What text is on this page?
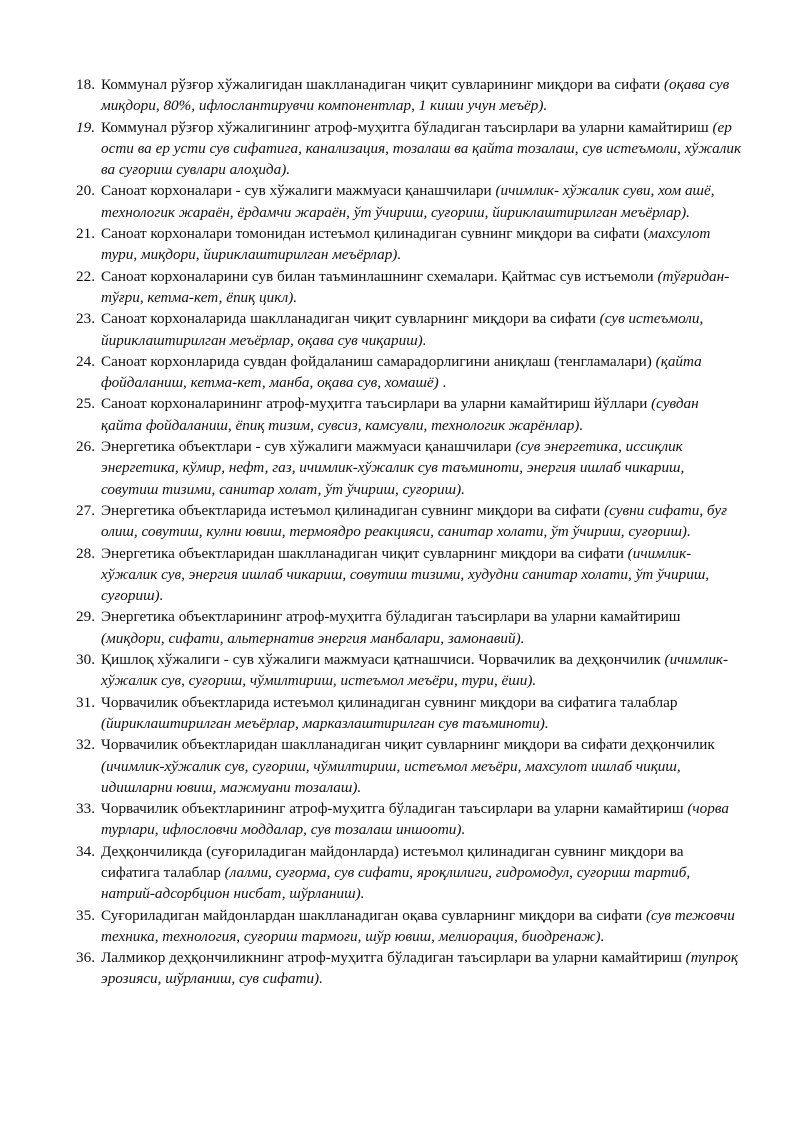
18. Коммунал рўзғор хўжалигидан шаклланадиган чиқит сувларининг миқдори ва сифати (оқава сув миқдори, 80%, ифлослантирувчи компонентлар, 1 киши учун меъёр).
19. Коммунал рўзғор хўжалигининг атроф-муҳитга бўладиган таъсирлари ва уларни камайтириш (ер ости ва ер усти сув сифатига, канализация, тозалаш ва қайта тозалаш, сув истеъмоли, хўжалик ва суғориш сувлари алоҳида).
20. Саноат корхоналари - сув хўжалиги мажмуаси қанашчилари (ичимлик- хўжалик суви, хом ашё, технологик жараён, ёрдамчи жараён, ўт ўчириш, суғориш, йириклаштирилган меъёрлар).
21. Саноат корхоналари томонидан истеъмол қилинадиган сувнинг миқдори ва сифати (махсулот тури, миқдори, йириклаштирилган меъёрлар).
22. Саноат корхоналарини сув билан таъминлашнинг схемалари. Қайтмас сув истъемоли (тўғридан-тўғри, кетма-кет, ёпиқ цикл).
23. Саноат корхоналарида шаклланадиган чиқит сувларнинг миқдори ва сифати (сув истеъмоли, йириклаштирилган меъёрлар, оқава сув чиқариш).
24. Саноат корхонларида сувдан фойдаланиш самарадорлигини аниқлаш (тенгламалари) (қайта фойдаланиш, кетма-кет, манба, оқава сув, хомашё) .
25. Саноат корхоналарининг атроф-муҳитга таъсирлари ва уларни камайтириш йўллари (сувдан қайта фойдаланиш, ёпиқ тизим, сувсиз, камсувли, технологик жарёнлар).
26. Энергетика объектлари - сув хўжалиги мажмуаси қанашчилари (сув энергетика, иссиқлик энергетика, кўмир, нефт, газ, ичимлик-хўжалик сув таъминоти, энергия ишлаб чикариш, совутиш тизими, санитар холат, ўт ўчириш, суғориш).
27. Энергетика объектларида истеъмол қилинадиган сувнинг миқдори ва сифати (сувни сифати, буғ олиш, совутиш, кулни ювиш, термоядро реакцияси, санитар холати, ўт ўчириш, суғориш).
28. Энергетика объектларидан шаклланадиган чиқит сувларнинг миқдори ва сифати (ичимлик-хўжалик сув, энергия ишлаб чикариш, совутиш тизими, худудни санитар холати, ўт ўчириш, суғориш).
29. Энергетика объектларининг атроф-муҳитга бўладиган таъсирлари ва уларни камайтириш (миқдори, сифати, альтернатив энергия манбалари, замонавий).
30. Қишлоқ хўжалиги - сув хўжалиги мажмуаси қатнашчиси. Чорвачилик ва деҳқончилик (ичимлик-хўжалик сув, суғориш, чўмилтириш, истеъмол меъёри, тури, ёши).
31. Чорвачилик объектларида истеъмол қилинадиган сувнинг миқдори ва сифатига талаблар (йириклаштирилган меъёрлар, марказлаштирилган сув таъминоти).
32. Чорвачилик объектларидан шаклланадиган чиқит сувларнинг миқдори ва сифати деҳқончилик (ичимлик-хўжалик сув, суғориш, чўмилтириш, истеъмол меъёри, махсулот ишлаб чиқиш, идишларни ювиш, мажмуани тозалаш).
33. Чорвачилик объектларининг атроф-муҳитга бўладиган таъсирлари ва уларни камайтириш (чорва турлари, ифлословчи моддалар, сув тозалаш иншооти).
34. Деҳқончиликда (суғориладиган майдонларда) истеъмол қилинадиган сувнинг миқдори ва сифатига талаблар (лалми, суғорма, сув сифати, яроқлилиги, гидромодул, суғориш тартиб, натрий-адсорбцион нисбат, шўрланиш).
35. Суғориладиган майдонлардан шаклланадиган оқава сувларнинг миқдори ва сифати (сув тежовчи техника, технология, суғориш тармоғи, шўр ювиш, мелиорация, биодренаж).
36. Лалмикор деҳқончиликнинг атроф-муҳитга бўладиган таъсирлари ва уларни камайтириш (тупроқ эрозияси, шўрланиш, сув сифати).
